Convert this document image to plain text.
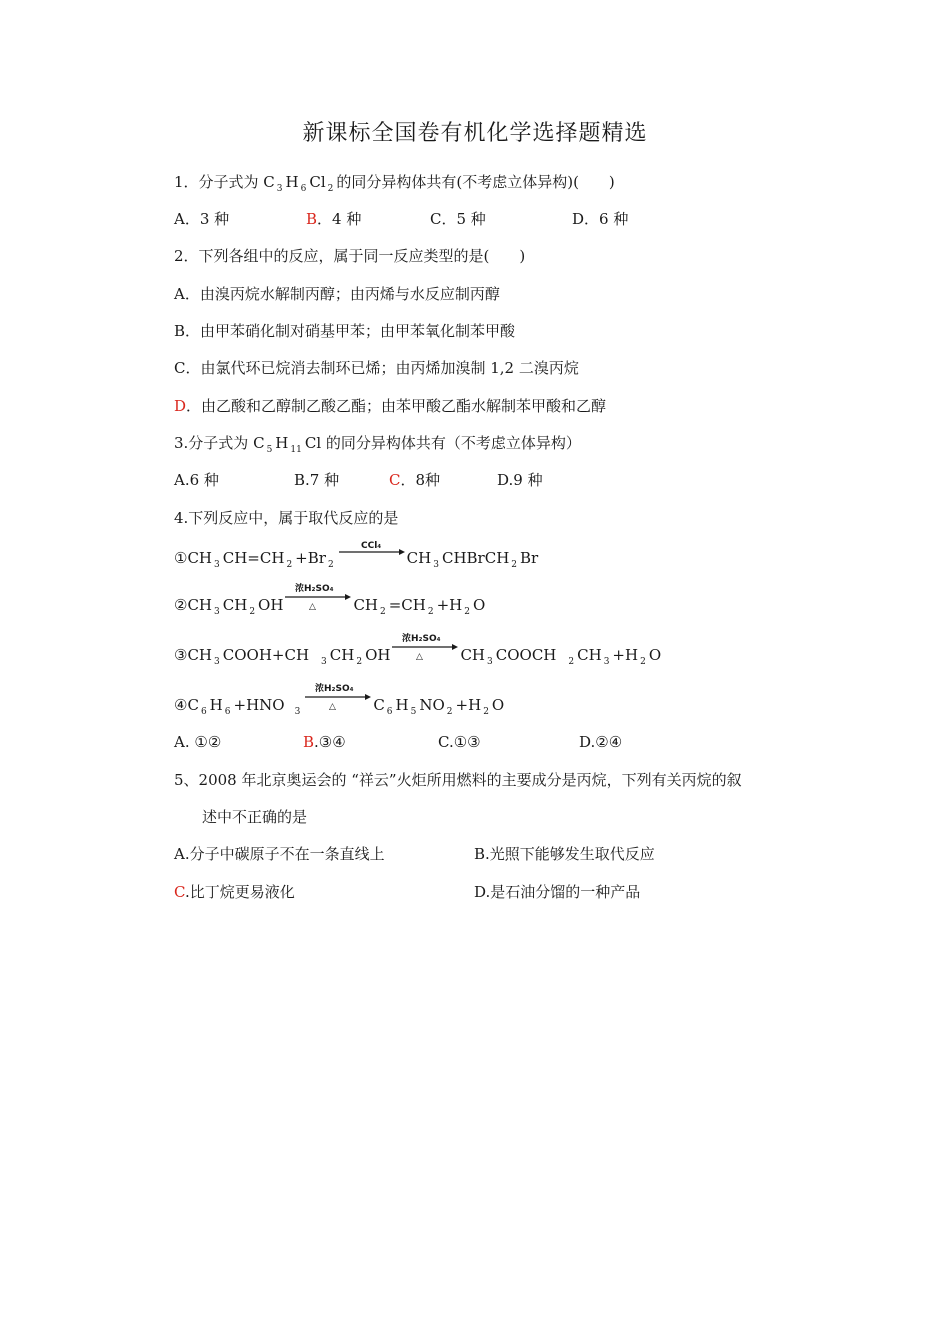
新课标全国卷有机化学选择题精选
1．分子式为 C $_3$ H $_6$ Cl $_2$ 的同分异构体共有(不考虑立体异构)(　　)
A．3 种	B．4 种	C．5 种	D．6 种
2．下列各组中的反应，属于同一反应类型的是(　　)
A．由溴丙烷水解制丙醇；由丙烯与水反应制丙醇
B．由甲苯硝化制对硝基甲苯；由甲苯氧化制苯甲酸
C．由氯代环已烷消去制环已烯；由丙烯加溴制 1,2 二溴丙烷
D．由乙酸和乙醇制乙酸乙酯；由苯甲酸乙酯水解制苯甲酸和乙醇
3.分子式为 C $_5$ H $_{11}$ Cl 的同分异构体共有（不考虑立体异构）
A.6 种	B.7 种	C．8种	D.9 种
4.下列反应中，属于取代反应的是
①CH $_3$ CH=CH $_2$ +Br $_2$
CCl₄
CH $_3$ CHBrCH $_2$ Br
②CH $_3$ CH $_2$ OH
浓H₂SO₄
△ CH $_2$ =CH $_2$ +H $_2$ O
③CH $_3$ COOH+CH $_3$ CH $_2$ OH
浓H₂SO₄
△ CH $_3$ COOCH $_2$ CH $_3$ +H $_2$ O
④C $_6$ H $_6$ +HNO $_3$
浓H₂SO₄
△ C $_6$ H $_5$ NO $_2$ +H $_2$ O
A. ①②	B.③④	C.①③	D.②④
5、2008 年北京奥运会的 “祥云”火炬所用燃料的主要成分是丙烷，下列有关丙烷的叙
述中不正确的是
A.分子中碳原子不在一条直线上	B.光照下能够发生取代反应
C.比丁烷更易液化	D.是石油分馏的一种产品
